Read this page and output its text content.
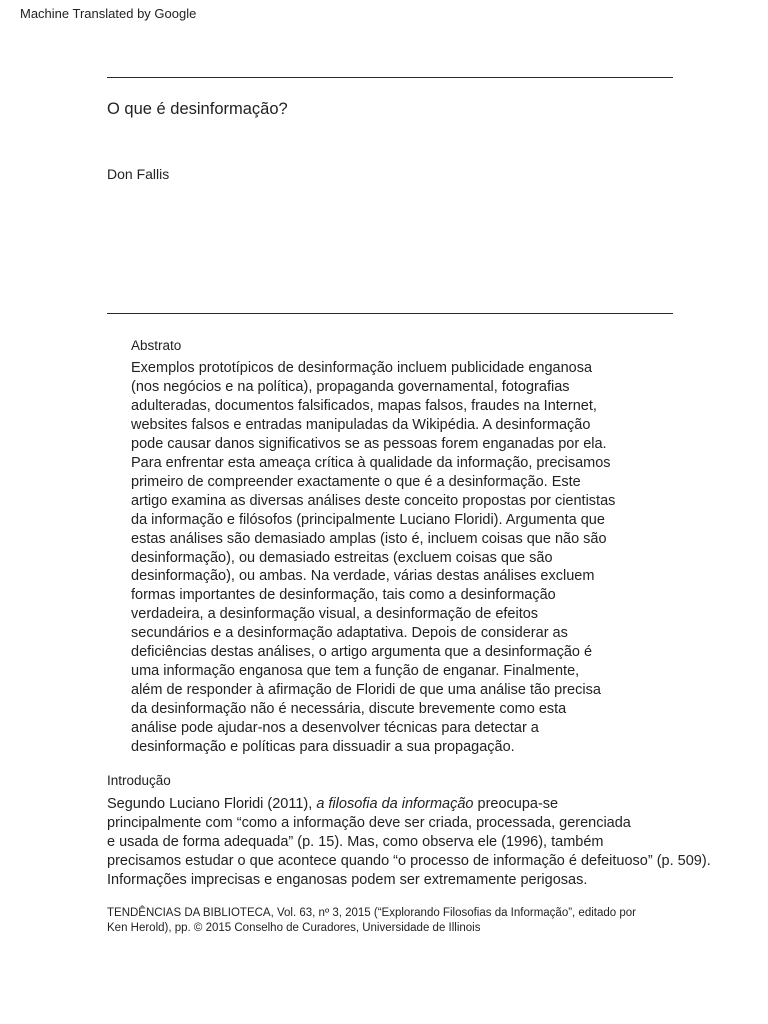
Machine Translated by Google
O que é desinformação?
Don Fallis
Abstrato
Exemplos prototípicos de desinformação incluem publicidade enganosa
(nos negócios e na política), propaganda governamental, fotografias
adulteradas, documentos falsificados, mapas falsos, fraudes na Internet,
websites falsos e entradas manipuladas da Wikipédia. A desinformação
pode causar danos significativos se as pessoas forem enganadas por ela.
Para enfrentar esta ameaça crítica à qualidade da informação, precisamos
primeiro de compreender exactamente o que é a desinformação. Este
artigo examina as diversas análises deste conceito propostas por cientistas
da informação e filósofos (principalmente Luciano Floridi). Argumenta que
estas análises são demasiado amplas (isto é, incluem coisas que não são
desinformação), ou demasiado estreitas (excluem coisas que são
desinformação), ou ambas. Na verdade, várias destas análises excluem
formas importantes de desinformação, tais como a desinformação
verdadeira, a desinformação visual, a desinformação de efeitos
secundários e a desinformação adaptativa. Depois de considerar as
deficiências destas análises, o artigo argumenta que a desinformação é
uma informação enganosa que tem a função de enganar. Finalmente,
além de responder à afirmação de Floridi de que uma análise tão precisa
da desinformação não é necessária, discute brevemente como esta
análise pode ajudar-nos a desenvolver técnicas para detectar a
desinformação e políticas para dissuadir a sua propagação.
Introdução
Segundo Luciano Floridi (2011), a filosofia da informação preocupa-se
principalmente com “como a informação deve ser criada, processada, gerenciada
e usada de forma adequada” (p. 15). Mas, como observa ele (1996), também
precisamos estudar o que acontece quando “o processo de informação é defeituoso” (p. 509).
Informações imprecisas e enganosas podem ser extremamente perigosas.
TENDÊNCIAS DA BIBLIOTECA, Vol. 63, nº 3, 2015 (“Explorando Filosofias da Informação”, editado por
Ken Herold), pp. © 2015 Conselho de Curadores, Universidade de Illinois
